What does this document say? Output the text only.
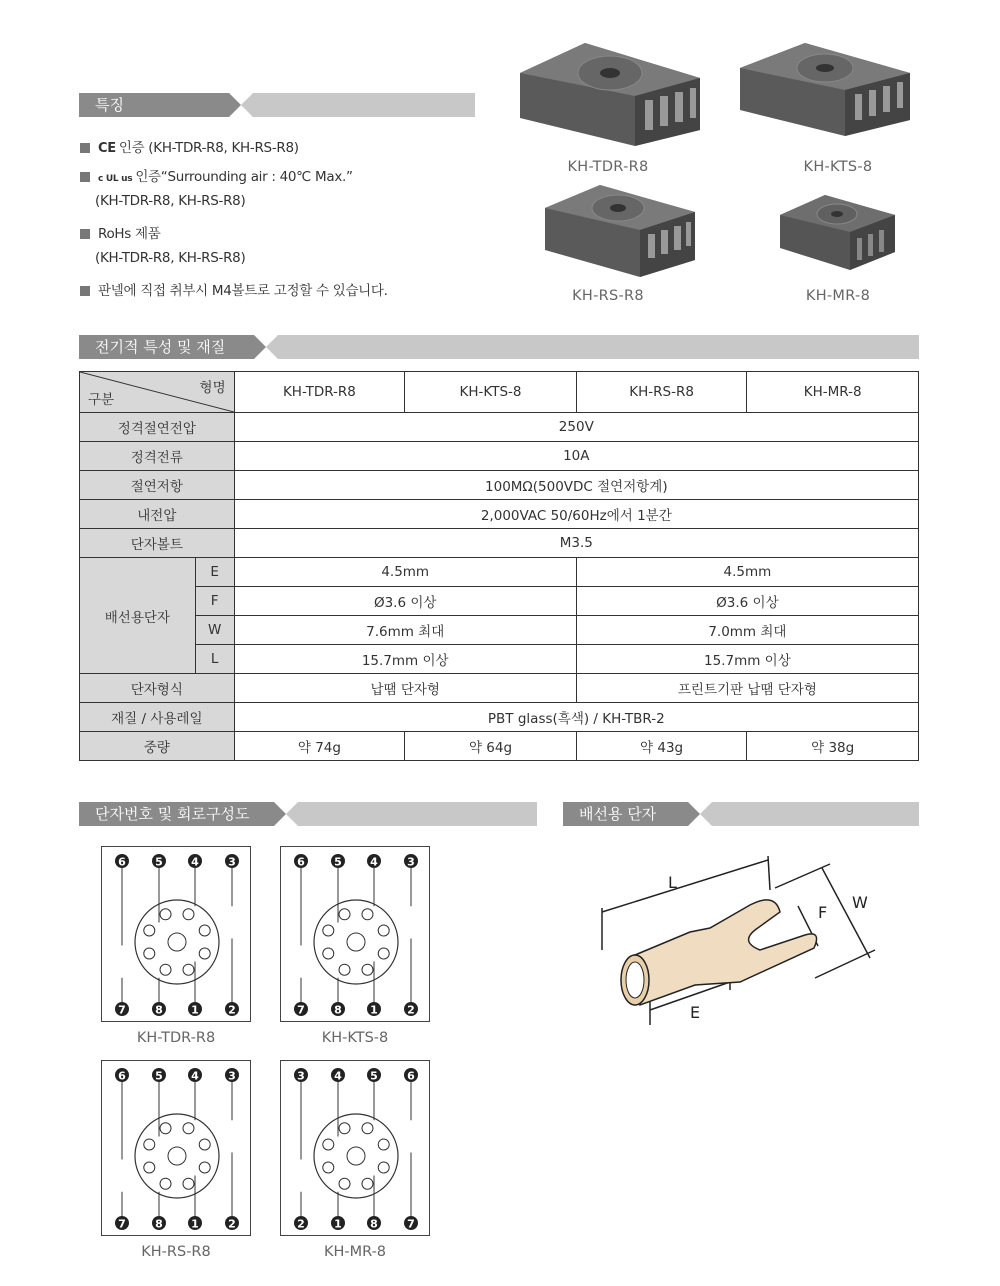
특징
CE 인증 (KH-TDR-R8, KH-RS-R8)
c UL us 인증“Surrounding air : 40℃ Max.”
(KH-TDR-R8, KH-RS-R8)
RoHs 제품
(KH-TDR-R8, KH-RS-R8)
판넬에 직접 취부시 M4볼트로 고정할 수 있습니다.
KH-TDR-R8	KH-KTS-8
KH-RS-R8	KH-MR-8
전기적 특성 및 재질
형명
구분		KH-TDR-R8	KH-KTS-8	KH-RS-R8	KH-MR-8
정격절연전압		250V			
정격전류		10A			
절연저항		100MΩ(500VDC 절연저항계)			
내전압		2,000VAC 50/60Hz에서 1분간			
단자볼트		M3.5			
배선용단자	E	4.5mm		4.5mm	
	F	Ø3.6 이상		Ø3.6 이상	
	W	7.6mm 최대		7.0mm 최대	
	L	15.7mm 이상		15.7mm 이상	
단자형식		납땜 단자형		프린트기판 납땜 단자형	
재질 / 사용레일		PBT glass(흑색) / KH-TBR-2			
중량		약 74g	약 64g	약 43g	약 38g
단자번호 및 회로구성도	배선용 단자
6	5	4	3
7	8	1	2
KH-TDR-R8
6	5	4	3
7	8	1	2
KH-KTS-8
6	5	4	3
7	8	1	2
KH-RS-R8
3	4	5	6
2	1	8	7
KH-MR-8
L
W
F
E
